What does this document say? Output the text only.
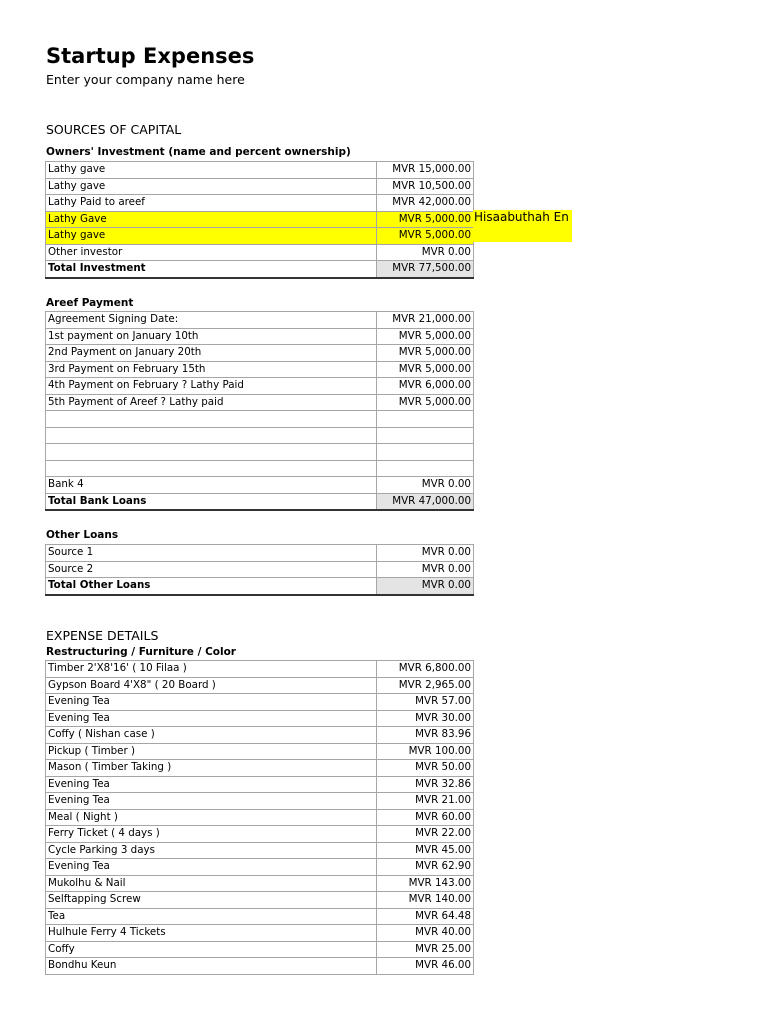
Startup Expenses
Enter your company name here
SOURCES OF CAPITAL
Owners' Investment (name and percent ownership)
Lathy gave	MVR 15,000.00
Lathy gave	MVR 10,500.00
Lathy Paid to areef	MVR 42,000.00
Lathy Gave	MVR 5,000.00
Lathy gave	MVR 5,000.00
Other investor	MVR 0.00
Total Investment	MVR 77,500.00
Hisaabuthah En
Areef Payment
Agreement Signing Date:	MVR 21,000.00
1st payment on January 10th	MVR 5,000.00
2nd Payment on January 20th	MVR 5,000.00
3rd Payment on February 15th	MVR 5,000.00
4th Payment on February ? Lathy Paid	MVR 6,000.00
5th Payment of Areef ? Lathy paid	MVR 5,000.00

Bank 4	MVR 0.00
Total Bank Loans	MVR 47,000.00
Other Loans
Source 1	MVR 0.00
Source 2	MVR 0.00
Total Other Loans	MVR 0.00
EXPENSE DETAILS
Restructuring / Furniture / Color
Timber 2'X8'16' ( 10 Filaa )	MVR 6,800.00
Gypson Board 4'X8" ( 20 Board )	MVR 2,965.00
Evening Tea	MVR 57.00
Evening Tea	MVR 30.00
Coffy ( Nishan case )	MVR 83.96
Pickup ( Timber )	MVR 100.00
Mason ( Timber Taking )	MVR 50.00
Evening Tea	MVR 32.86
Evening Tea	MVR 21.00
Meal ( Night )	MVR 60.00
Ferry Ticket ( 4 days )	MVR 22.00
Cycle Parking 3 days	MVR 45.00
Evening Tea	MVR 62.90
Mukolhu & Nail	MVR 143.00
Selftapping Screw	MVR 140.00
Tea	MVR 64.48
Hulhule Ferry 4 Tickets	MVR 40.00
Coffy	MVR 25.00
Bondhu Keun	MVR 46.00
